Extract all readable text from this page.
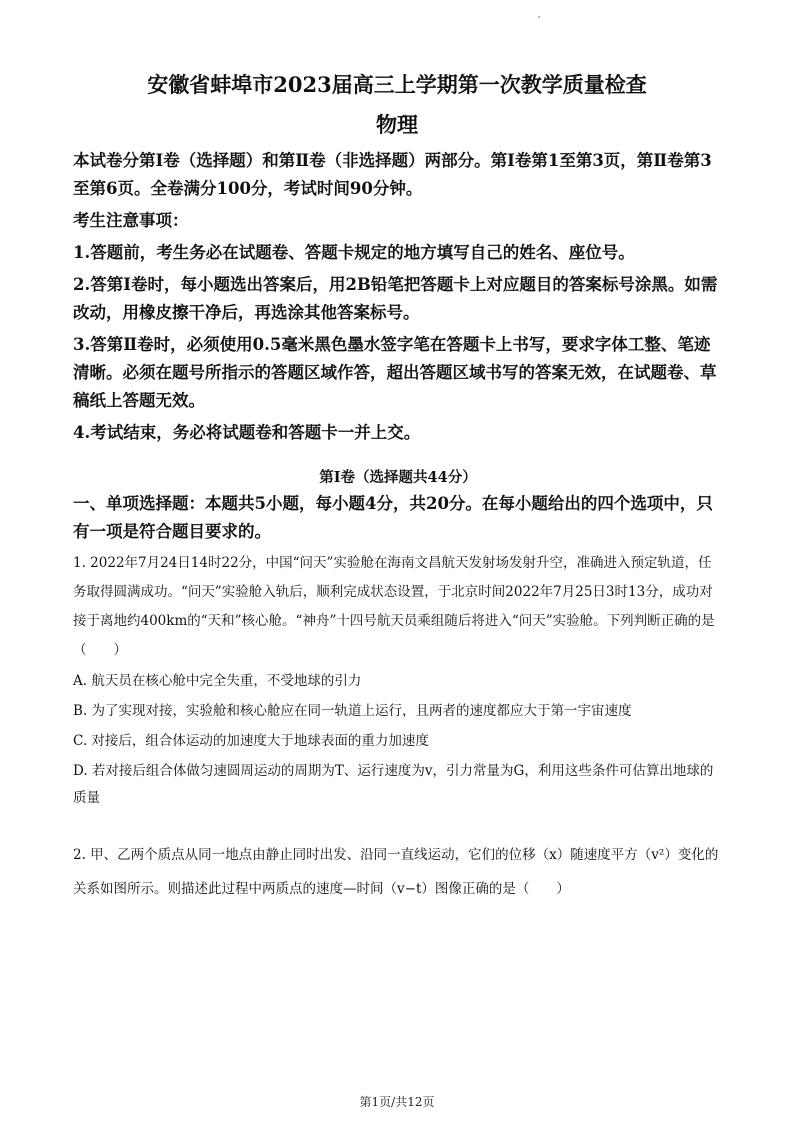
安徽省蚌埠市2023届高三上学期第一次教学质量检查
物理

本试卷分第Ⅰ卷（选择题）和第Ⅱ卷（非选择题）两部分。第Ⅰ卷第1至第3页，第Ⅱ卷第3至第6页。全卷满分100分，考试时间90分钟。

考生注意事项：

1.答题前，考生务必在试题卷、答题卡规定的地方填写自己的姓名、座位号。

2.答第Ⅰ卷时，每小题选出答案后，用2B铅笔把答题卡上对应题目的答案标号涂黑。如需改动，用橡皮擦干净后，再选涂其他答案标号。

3.答第Ⅱ卷时，必须使用0.5毫米黑色墨水签字笔在答题卡上书写，要求字体工整、笔迹清晰。必须在题号所指示的答题区域作答，超出答题区域书写的答案无效，在试题卷、草稿纸上答题无效。

4.考试结束，务必将试题卷和答题卡一并上交。

第Ⅰ卷（选择题共44分）
一、单项选择题：本题共5小题，每小题4分，共20分。在每小题给出的四个选项中，只有一项是符合题目要求的。

1. 2022年7月24日14时22分，中国“问天”实验舱在海南文昌航天发射场发射升空，准确进入预定轨道，任务取得圆满成功。“问天”实验舱入轨后，顺利完成状态设置，于北京时间2022年7月25日3时13分，成功对接于离地约400km的“天和”核心舱。“神舟”十四号航天员乘组随后将进入“问天”实验舱。下列判断正确的是（　　）

A. 航天员在核心舱中完全失重，不受地球的引力

B. 为了实现对接，实验舱和核心舱应在同一轨道上运行，且两者的速度都应大于第一宇宙速度

C. 对接后，组合体运动的加速度大于地球表面的重力加速度

D. 若对接后组合体做匀速圆周运动的周期为T、运行速度为v，引力常量为G，利用这些条件可估算出地球的质量

2. 甲、乙两个质点从同一地点由静止同时出发、沿同一直线运动，它们的位移（x）随速度平方（v²）变化的关系如图所示。则描述此过程中两质点的速度—时间（v−t）图像正确的是（　　）

第1页/共12页
